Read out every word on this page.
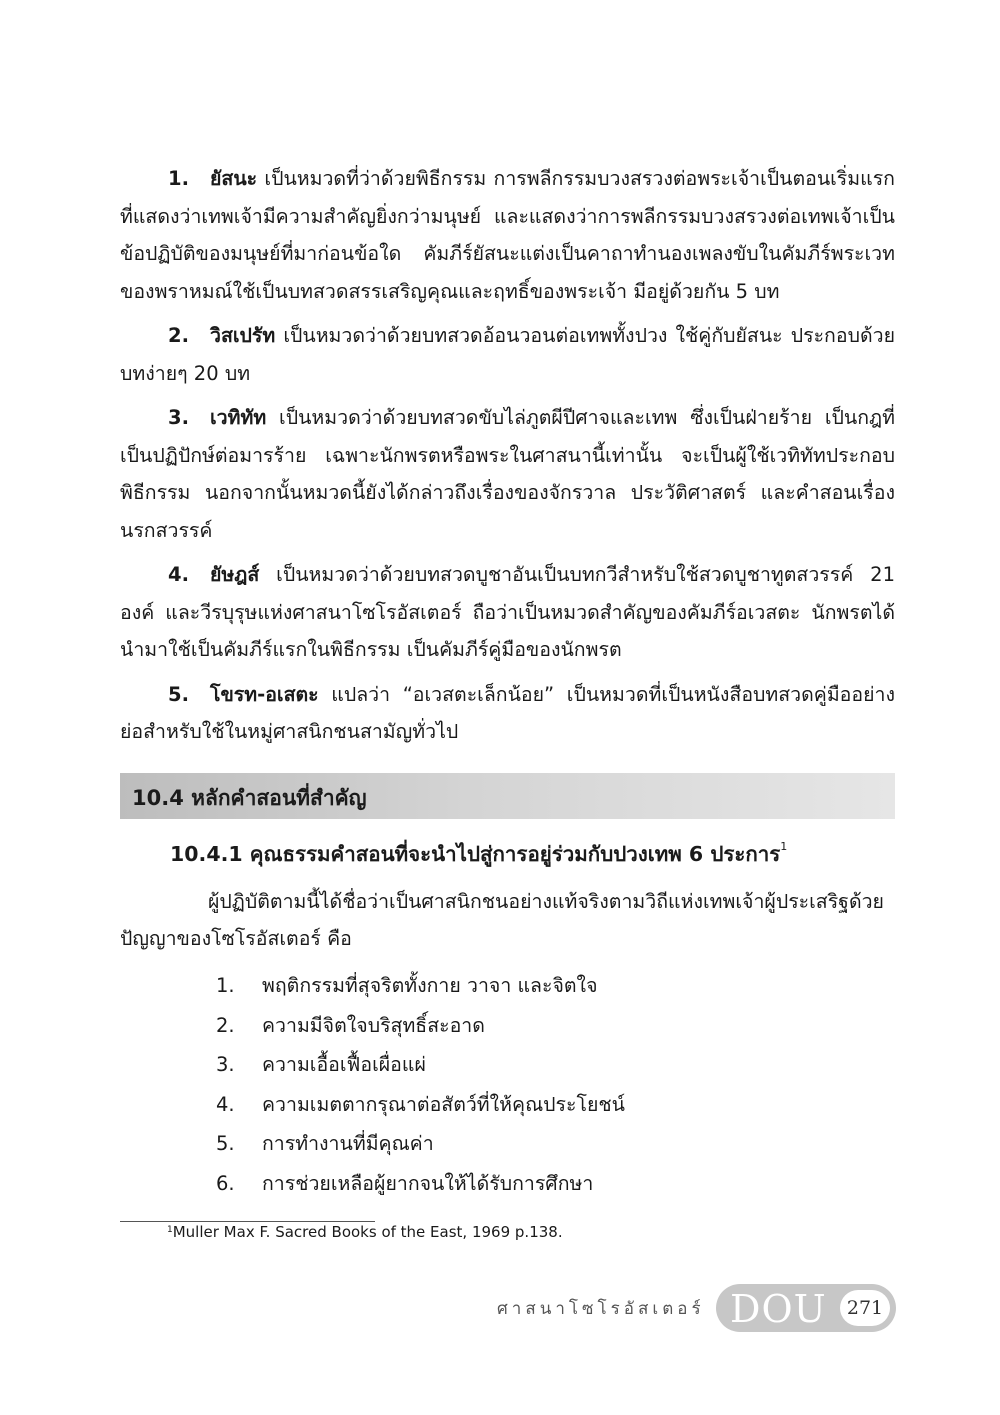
1. ยัสนะ เป็นหมวดที่ว่าด้วยพิธีกรรม การพลีกรรมบวงสรวงต่อพระเจ้าเป็นตอนเริ่มแรกที่แสดงว่าเทพเจ้ามีความสำคัญยิ่งกว่ามนุษย์ และแสดงว่าการพลีกรรมบวงสรวงต่อเทพเจ้าเป็นข้อปฏิบัติของมนุษย์ที่มาก่อนข้อใด คัมภีร์ยัสนะแต่งเป็นคาถาทำนองเพลงขับในคัมภีร์พระเวทของพราหมณ์ใช้เป็นบทสวดสรรเสริญคุณและฤทธิ์ของพระเจ้า มีอยู่ด้วยกัน 5 บท

2. วิสเปรัท เป็นหมวดว่าด้วยบทสวดอ้อนวอนต่อเทพทั้งปวง ใช้คู่กับยัสนะ ประกอบด้วยบทง่ายๆ 20 บท

3. เวทิทัท เป็นหมวดว่าด้วยบทสวดขับไล่ภูตผีปีศาจและเทพ ซึ่งเป็นฝ่ายร้าย เป็นกฎที่เป็นปฏิปักษ์ต่อมารร้าย เฉพาะนักพรตหรือพระในศาสนานี้เท่านั้น จะเป็นผู้ใช้เวทิทัทประกอบพิธีกรรม นอกจากนั้นหมวดนี้ยังได้กล่าวถึงเรื่องของจักรวาล ประวัติศาสตร์ และคำสอนเรื่องนรกสวรรค์

4. ยัษฎส์ เป็นหมวดว่าด้วยบทสวดบูชาอันเป็นบทกวีสำหรับใช้สวดบูชาทูตสวรรค์ 21 องค์ และวีรบุรุษแห่งศาสนาโซโรอัสเตอร์ ถือว่าเป็นหมวดสำคัญของคัมภีร์อเวสตะ นักพรตได้นำมาใช้เป็นคัมภีร์แรกในพิธีกรรม เป็นคัมภีร์คู่มือของนักพรต

5. โขรท-อเสตะ แปลว่า “อเวสตะเล็กน้อย” เป็นหมวดที่เป็นหนังสือบทสวดคู่มืออย่างย่อสำหรับใช้ในหมู่ศาสนิกชนสามัญทั่วไป

10.4 หลักคำสอนที่สำคัญ
10.4.1 คุณธรรมคำสอนที่จะนำไปสู่การอยู่ร่วมกับปวงเทพ 6 ประการ$^1$

ผู้ปฏิบัติตามนี้ได้ชื่อว่าเป็นศาสนิกชนอย่างแท้จริงตามวิถีแห่งเทพเจ้าผู้ประเสริฐด้วยปัญญาของโซโรอัสเตอร์ คือ

1. พฤติกรรมที่สุจริตทั้งกาย วาจา และจิตใจ
2. ความมีจิตใจบริสุทธิ์สะอาด
3. ความเอื้อเฟื้อเผื่อแผ่
4. ความเมตตากรุณาต่อสัตว์ที่ให้คุณประโยชน์
5. การทำงานที่มีคุณค่า
6. การช่วยเหลือผู้ยากจนให้ได้รับการศึกษา
$^1$Muller Max F. Sacred Books of the East, 1969 p.138.
ศาสนาโซโรอัสเตอร์ DOU	271
